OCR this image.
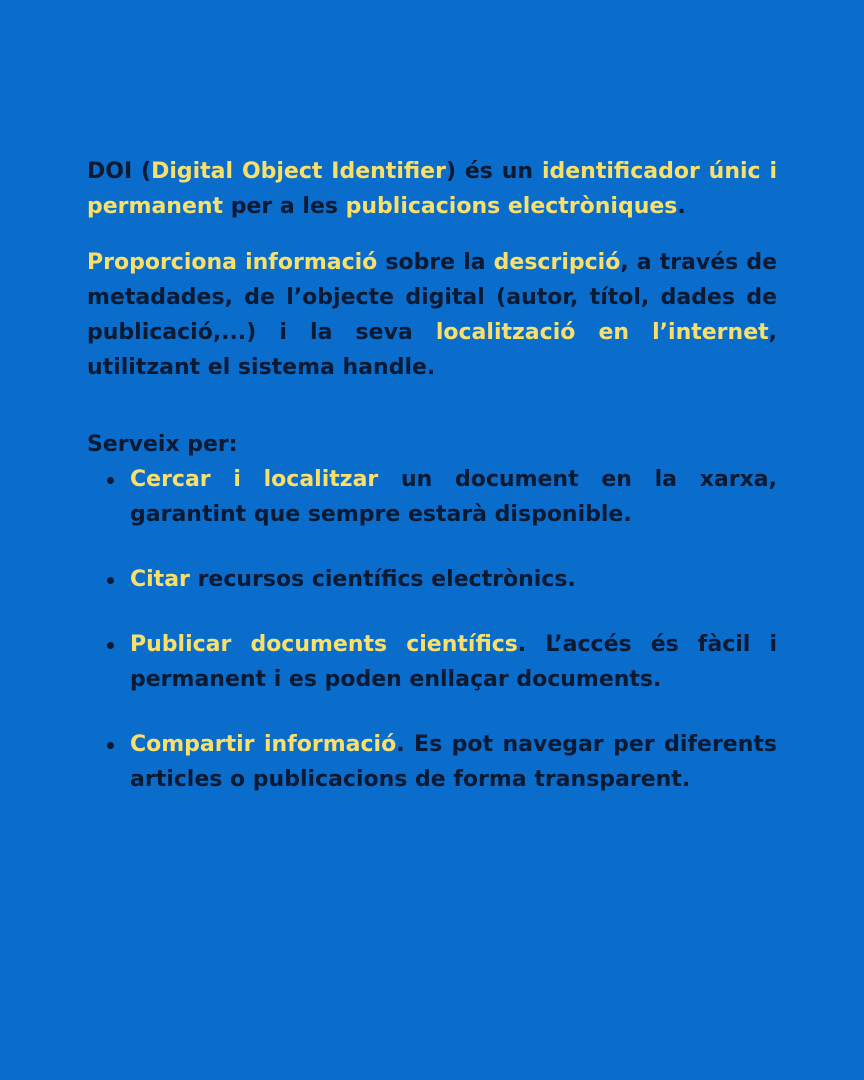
DOI (Digital Object Identifier) és un identificador únic i permanent per a les publicacions electròniques.

Proporciona informació sobre la descripció, a través de metadades, de l’objecte digital (autor, títol, dades de publicació,...) i la seva localització en l’internet, utilitzant el sistema handle.

Serveix per:

Cercar i localitzar un document en la xarxa, garantint que sempre estarà disponible.
Citar recursos científics electrònics.
Publicar documents científics. L’accés és fàcil i permanent i es poden enllaçar documents.
Compartir informació. Es pot navegar per diferents articles o publicacions de forma transparent.
